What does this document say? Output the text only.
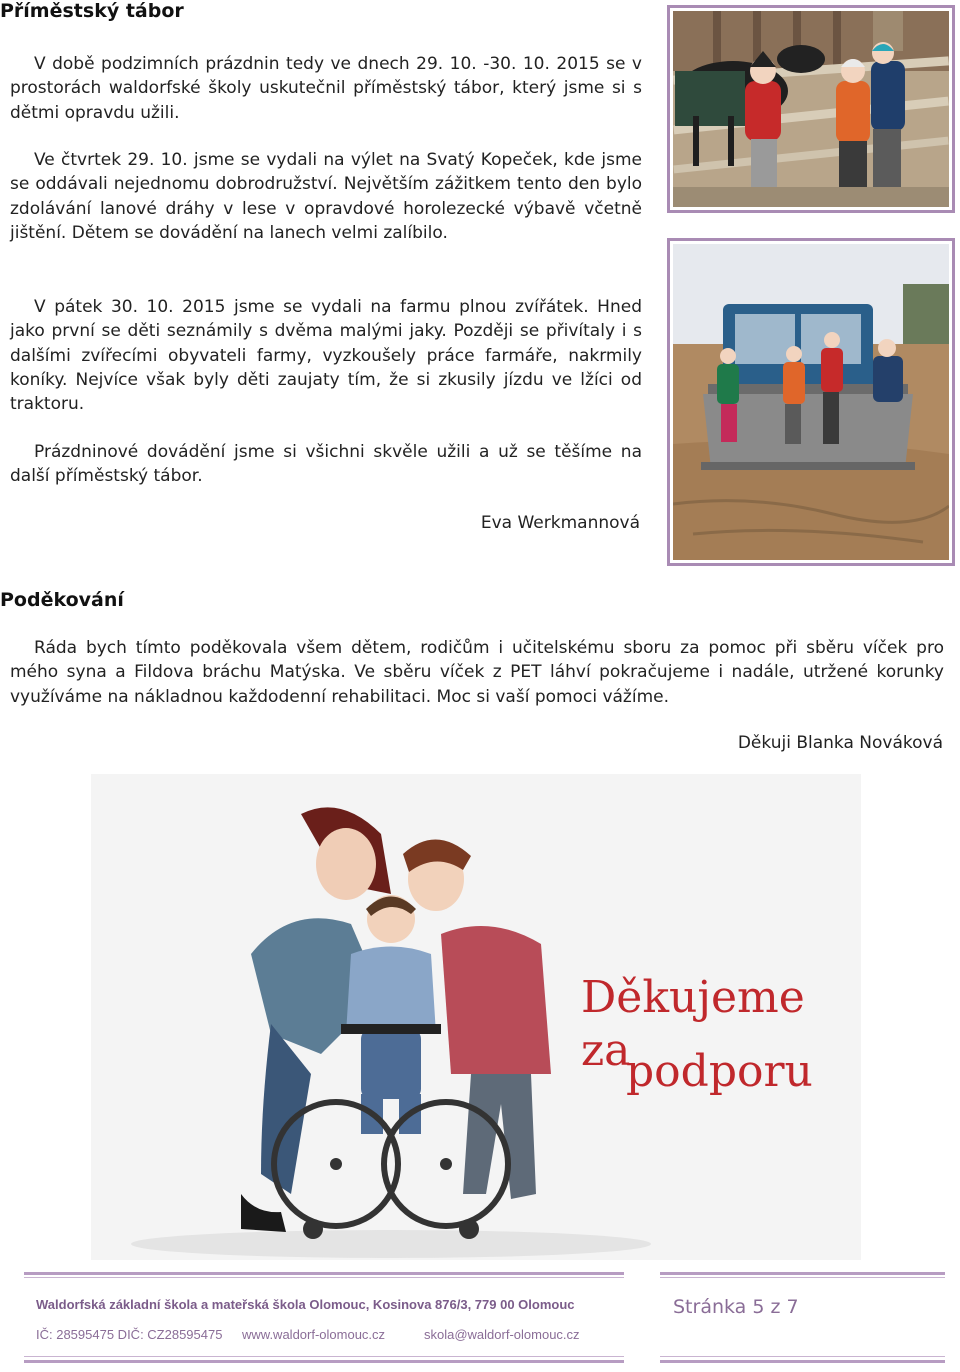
Příměstský tábor
V době podzimních prázdnin tedy ve dnech 29. 10. -30. 10. 2015 se v prostorách waldorfské školy uskutečnil příměstský tábor, který jsme si s dětmi opravdu užili.
Ve čtvrtek 29. 10. jsme se vydali na výlet na Svatý Kopeček, kde jsme se oddávali nejednomu dobrodružství. Největším zážitkem tento den bylo zdolávání lanové dráhy v lese v opravdové horolezecké výbavě včetně jištění. Dětem se dovádění na lanech velmi zalíbilo.
V pátek 30. 10. 2015 jsme se vydali na farmu plnou zvířátek. Hned jako první se děti seznámily s dvěma malými jaky. Později se přivítaly i s dalšími zvířecími obyvateli farmy, vyzkoušely práce farmáře, nakrmily koníky. Nejvíce však byly děti zaujaty tím, že si zkusily jízdu ve lžíci od traktoru.
Prázdninové dovádění jsme si všichni skvěle užili a už se těšíme na další příměstský tábor.
Eva Werkmannová
Poděkování
Ráda bych tímto poděkovala všem dětem, rodičům i učitelskému sboru za pomoc při sběru víček pro mého syna a Fildova bráchu Matýska. Ve sběru víček z PET láhví pokračujeme i nadále, utržené korunky využíváme na nákladnou každodenní rehabilitaci. Moc si vaší pomoci vážíme.
Děkuji Blanka Nováková
Děkujeme za
podporu
Waldorfská základní škola a mateřská škola Olomouc, Kosinova 876/3, 779 00 Olomouc
IČ: 28595475 DIČ: CZ28595475 www.waldorf-olomouc.cz	skola@waldorf-olomouc.cz
Stránka 5 z 7
